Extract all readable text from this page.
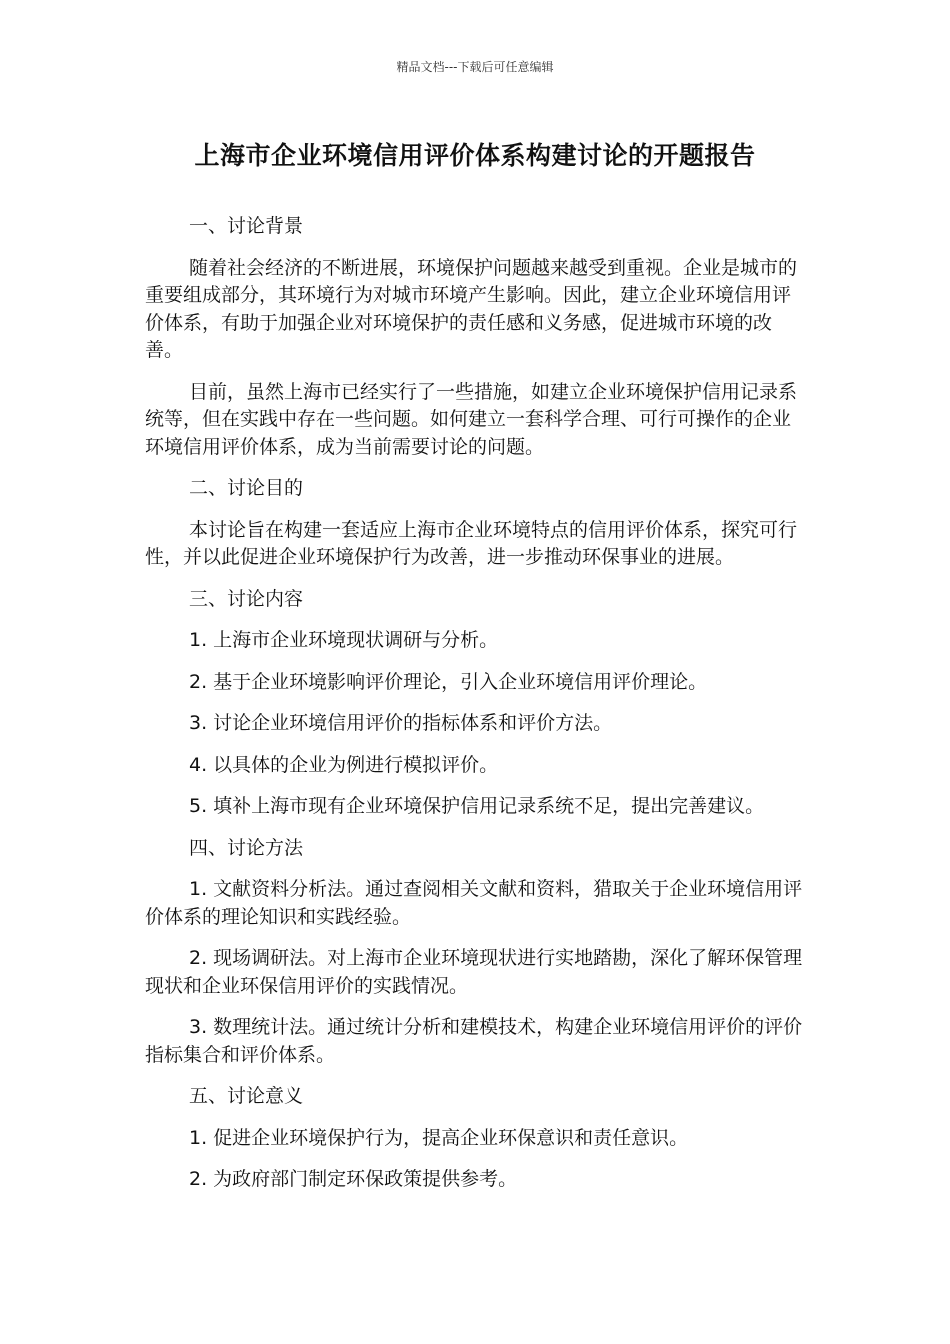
精品文档---下载后可任意编辑
上海市企业环境信用评价体系构建讨论的开题报告
一、讨论背景
随着社会经济的不断进展，环境保护问题越来越受到重视。企业是城市的重要组成部分，其环境行为对城市环境产生影响。因此，建立企业环境信用评价体系，有助于加强企业对环境保护的责任感和义务感，促进城市环境的改善。
目前，虽然上海市已经实行了一些措施，如建立企业环境保护信用记录系统等，但在实践中存在一些问题。如何建立一套科学合理、可行可操作的企业环境信用评价体系，成为当前需要讨论的问题。
二、讨论目的
本讨论旨在构建一套适应上海市企业环境特点的信用评价体系，探究可行性，并以此促进企业环境保护行为改善，进一步推动环保事业的进展。
三、讨论内容
1. 上海市企业环境现状调研与分析。
2. 基于企业环境影响评价理论，引入企业环境信用评价理论。
3. 讨论企业环境信用评价的指标体系和评价方法。
4. 以具体的企业为例进行模拟评价。
5. 填补上海市现有企业环境保护信用记录系统不足，提出完善建议。
四、讨论方法
1. 文献资料分析法。通过查阅相关文献和资料，猎取关于企业环境信用评价体系的理论知识和实践经验。
2. 现场调研法。对上海市企业环境现状进行实地踏勘，深化了解环保管理现状和企业环保信用评价的实践情况。
3. 数理统计法。通过统计分析和建模技术，构建企业环境信用评价的评价指标集合和评价体系。
五、讨论意义
1. 促进企业环境保护行为，提高企业环保意识和责任意识。
2. 为政府部门制定环保政策提供参考。
